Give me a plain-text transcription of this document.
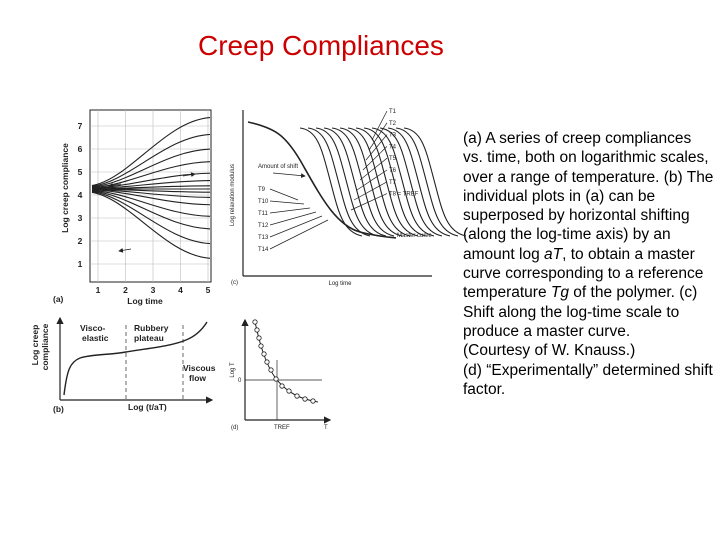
Creep Compliances

(a) A series of creep compliances vs. time, both on logarithmic scales, over a range of temperature. (b) The individual plots in (a) can be superposed by horizontal shifting (along the log-time axis) by an amount log aT, to obtain a master curve corresponding to a reference temperature Tg of the polymer. (c) Shift along the log-time scale to produce a master curve.

(Courtesy of W. Knauss.)

(d) “Experimentally” determined shift factor.

1
2
3
4
5
6
7
1	2	3	4	5
Log creep compliance
Log time
(a)
Log creep compliance	Visco-
elastic
Rubbery
plateau
Viscous
flow
Log (t/aT)
(b)
T1
T2
T3
T4
T5
T6
T7
T8 = TREF
T9
T10
T11
T12
T13
T14
Amount of shift
Master curve
Log relaxation modulus
Log time
(c)
Log T
0
TREF	T
(d)
